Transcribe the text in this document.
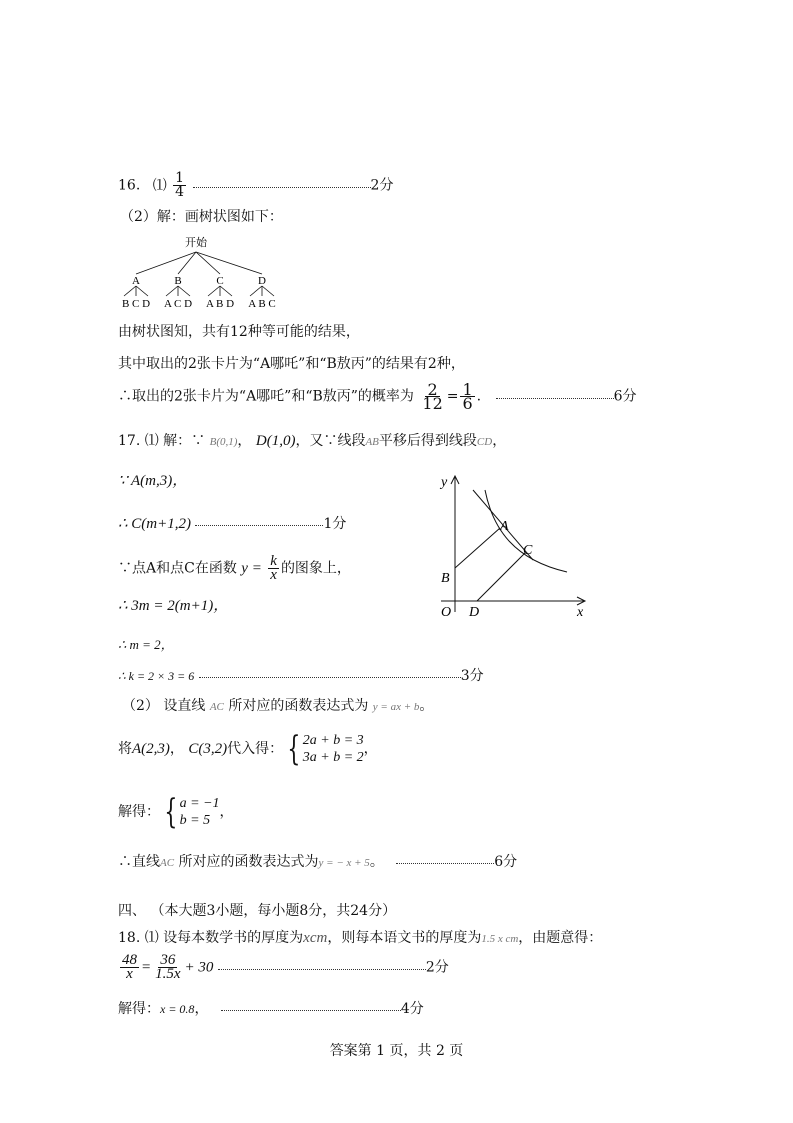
16. ⑴ $\frac{1}{4}$	2分
（2）解：画树状图如下：
开始
A	B	C	D
B C D A C D A B D A B C
由树状图知，共有12种等可能的结果，
其中取出的2张卡片为“A哪吒”和“B敖丙”的结果有2种，
∴取出的2张卡片为“A哪吒”和“B敖丙”的概率为 $\frac{2}{12} = \frac{1}{6}$ .	6分
17. ⑴ 解：∵ B(0,1)， D(1,0)，又∵线段AB平移后得到线段CD，
∵ A(m,3)，
∴ C(m+1,2)	1分
∵点A和点C在函数 $y = \frac{k}{x}$ 的图象上，
∴ 3m = 2(m+1)，
∴ m = 2，
∴ k = 2 × 3 = 6	3分
（2） 设直线 AC 所对应的函数表达式为 y = ax + b。
将A(2,3)， C(3,2)代入得： { 2a + b = 3
3a + b = 2
，
解得： { a = −1
b = 5
，
∴直线AC 所对应的函数表达式为y = − x + 5。	6分
y
A
C
B
O D	x
四、 （本大题3小题，每小题8分，共24分）
18. ⑴ 设每本数学书的厚度为xcm，则每本语文书的厚度为1.5 x cm，由题意得：
$\frac{48}{x} = \frac{36}{1.5x} + 30$	2分
解得：x = 0.8，	4分
答案第 1 页，共 2 页
